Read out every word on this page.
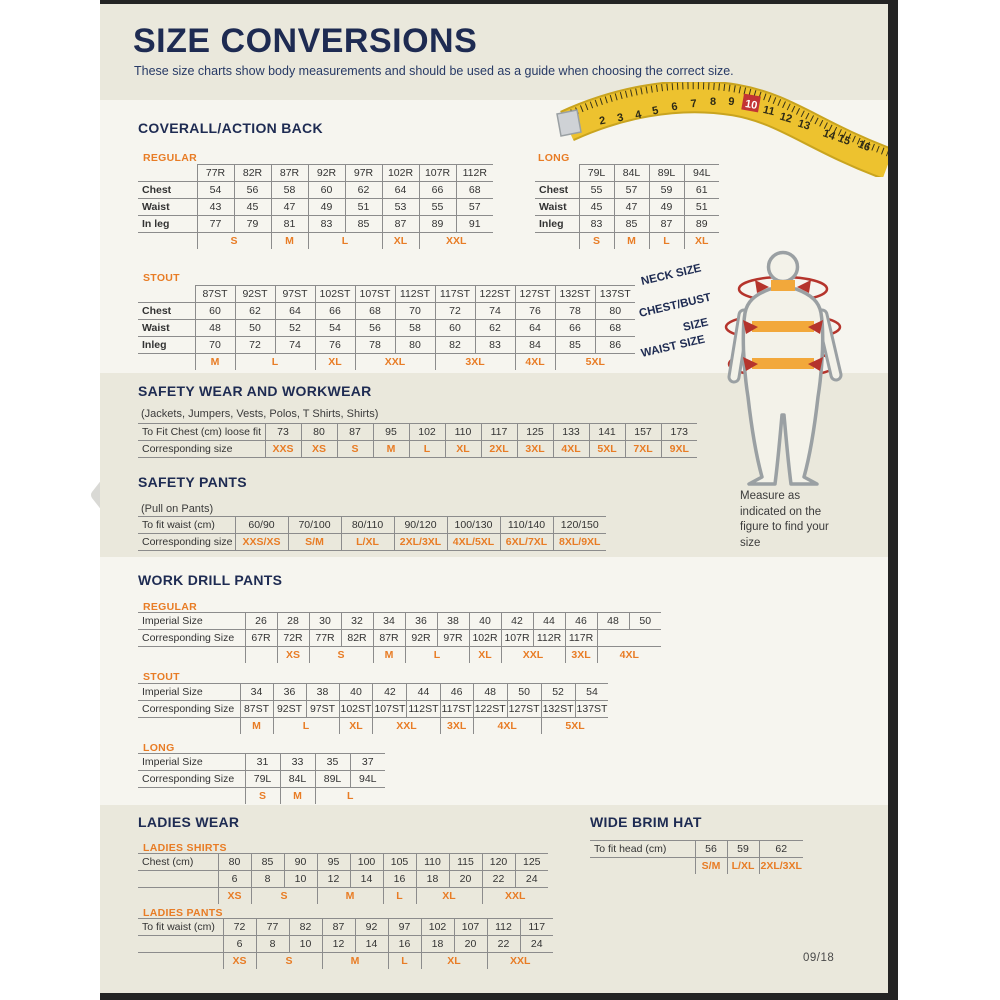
SIZE CONVERSIONS
These size charts show body measurements and should be used as a guide when choosing the correct size.
2 3 4 5 6 7 8 9 10 11 12 13
14 15 16
COVERALL/ACTION BACK
REGULAR
	77R	82R	87R	92R	97R	102R	107R	112R
Chest	54	56	58	60	62	64	66	68
Waist	43	45	47	49	51	53	55	57
In leg	77	79	81	83	85	87	89	91
	S		M	L		XL	XXL	
LONG
	79L	84L	89L	94L
Chest	55	57	59	61
Waist	45	47	49	51
Inleg	83	85	87	89
	S	M	L	XL
STOUT
	87ST	92ST	97ST	102ST	107ST	112ST	117ST	122ST	127ST	132ST	137ST
Chest	60	62	64	66	68	70	72	74	76	78	80
Waist	48	50	52	54	56	58	60	62	64	66	68
Inleg	70	72	74	76	78	80	82	83	84	85	86
	M	L		XL	XXL		3XL		4XL	5XL	
NECK SIZE
CHEST/BUST
SIZE
WAIST SIZE
Measure as indicated on the figure to find your size
SAFETY WEAR AND WORKWEAR
(Jackets, Jumpers, Vests, Polos, T Shirts, Shirts)
To Fit Chest (cm) loose fit	73	80	87	95	102	110	117	125	133	141	157	173
Corresponding size	XXS	XS	S	M	L	XL	2XL	3XL	4XL	5XL	7XL	9XL
SAFETY PANTS
(Pull on Pants)
To fit waist (cm)	60/90	70/100	80/110	90/120	100/130	110/140	120/150
Corresponding size	XXS/XS	S/M	L/XL	2XL/3XL	4XL/5XL	6XL/7XL	8XL/9XL
WORK DRILL PANTS
REGULAR
Imperial Size	26	28	30	32	34	36	38	40	42	44	46	48	50
Corresponding Size	67R	72R	77R	82R	87R	92R	97R	102R	107R	112R	117R		
		XS	S		M	L		XL	XXL		3XL	4XL	
STOUT
Imperial Size	34	36	38	40	42	44	46	48	50	52	54
Corresponding Size	87ST	92ST	97ST	102ST	107ST	112ST	117ST	122ST	127ST	132ST	137ST
	M	L		XL	XXL		3XL	4XL		5XL	
LONG
Imperial Size	31	33	35	37
Corresponding Size	79L	84L	89L	94L
	S	M	L	
LADIES WEAR
LADIES SHIRTS
Chest (cm)	80	85	90	95	100	105	110	115	120	125
	6	8	10	12	14	16	18	20	22	24
	XS	S		M		L	XL		XXL	
LADIES PANTS
To fit waist (cm)	72	77	82	87	92	97	102	107	112	117
	6	8	10	12	14	16	18	20	22	24
	XS	S		M		L	XL		XXL	
WIDE BRIM HAT
To fit head (cm)	56	59	62
	S/M	L/XL	2XL/3XL
09/18
